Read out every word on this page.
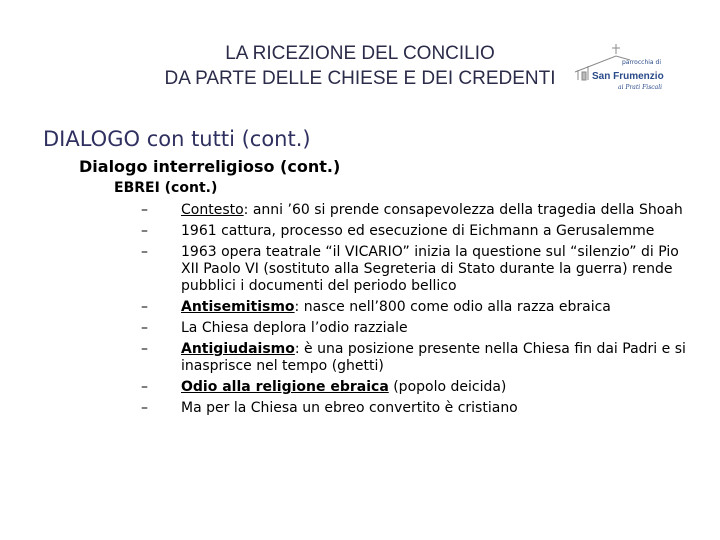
LA RICEZIONE DEL CONCILIO
DA PARTE DELLE CHIESE E DEI CREDENTI
parrocchia di
San Frumenzio
ai Prati Fiscali
DIALOGO con tutti (cont.)
Dialogo interreligioso (cont.)
EBREI (cont.)
–	Contesto: anni ’60 si prende consapevolezza della tragedia della Shoah
–	1961 cattura, processo ed esecuzione di Eichmann a Gerusalemme
–	1963 opera teatrale “il VICARIO” inizia la questione sul “silenzio” di Pio XII Paolo VI (sostituto alla Segreteria di Stato durante la guerra) rende pubblici i documenti del periodo bellico
–	Antisemitismo: nasce nell’800 come odio alla razza ebraica
–	La Chiesa deplora l’odio razziale
–	Antigiudaismo: è una posizione presente nella Chiesa fin dai Padri e si inasprisce nel tempo (ghetti)
–	Odio alla religione ebraica (popolo deicida)
–	Ma per la Chiesa un ebreo convertito è cristiano
